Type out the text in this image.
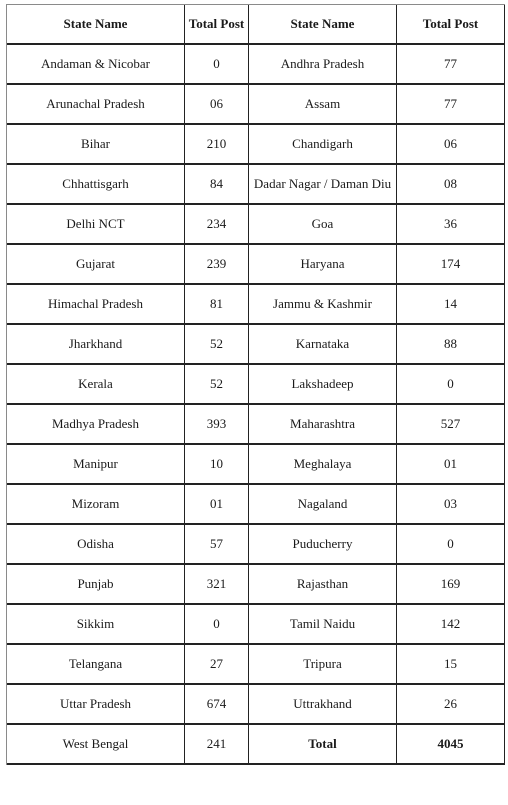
State Name	Total Post	State Name	Total Post
Andaman & Nicobar	0	Andhra Pradesh	77
Arunachal Pradesh	06	Assam	77
Bihar	210	Chandigarh	06
Chhattisgarh	84	Dadar Nagar / Daman Diu	08
Delhi NCT	234	Goa	36
Gujarat	239	Haryana	174
Himachal Pradesh	81	Jammu & Kashmir	14
Jharkhand	52	Karnataka	88
Kerala	52	Lakshadeep	0
Madhya Pradesh	393	Maharashtra	527
Manipur	10	Meghalaya	01
Mizoram	01	Nagaland	03
Odisha	57	Puducherry	0
Punjab	321	Rajasthan	169
Sikkim	0	Tamil Naidu	142
Telangana	27	Tripura	15
Uttar Pradesh	674	Uttrakhand	26
West Bengal	241	Total	4045
